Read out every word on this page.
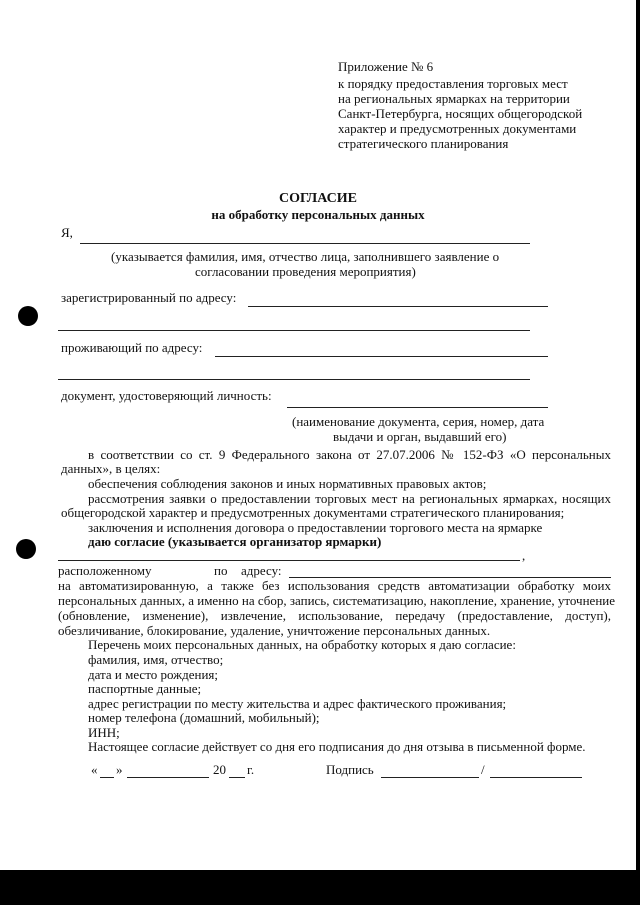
Приложение № 6
к порядку предоставления торговых мест
на региональных ярмарках на территории
Санкт-Петербурга, носящих общегородской
характер и предусмотренных документами
стратегического планирования
СОГЛАСИЕ
на обработку персональных данных
Я,
(указывается фамилия, имя, отчество лица, заполнившего заявление о
согласовании проведения мероприятия)
зарегистрированный по адресу:
проживающий по адресу:
документ, удостоверяющий личность:
(наименование документа, серия, номер, дата
выдачи и орган, выдавший его)
в соответствии со ст. 9 Федерального закона от 27.07.2006 № 152-ФЗ «О персональных
данных», в целях:
обеспечения соблюдения законов и иных нормативных правовых актов;
рассмотрения заявки о предоставлении торговых мест на региональных ярмарках, носящих
общегородской характер и предусмотренных документами стратегического планирования;
заключения и исполнения договора о предоставлении торгового места на ярмарке
даю согласие (указывается организатор ярмарки)
,
расположенному	по адресу:
на автоматизированную, а также без использования средств автоматизации обработку моих
персональных данных, а именно на сбор, запись, систематизацию, накопление, хранение, уточнение
(обновление, изменение), извлечение, использование, передачу (предоставление, доступ),
обезличивание, блокирование, удаление, уничтожение персональных данных.
Перечень моих персональных данных, на обработку которых я даю согласие:
фамилия, имя, отчество;
дата и место рождения;
паспортные данные;
адрес регистрации по месту жительства и адрес фактического проживания;
номер телефона (домашний, мобильный);
ИНН;
Настоящее согласие действует со дня его подписания до дня отзыва в письменной форме.
« »	20 г.	Подпись	/
